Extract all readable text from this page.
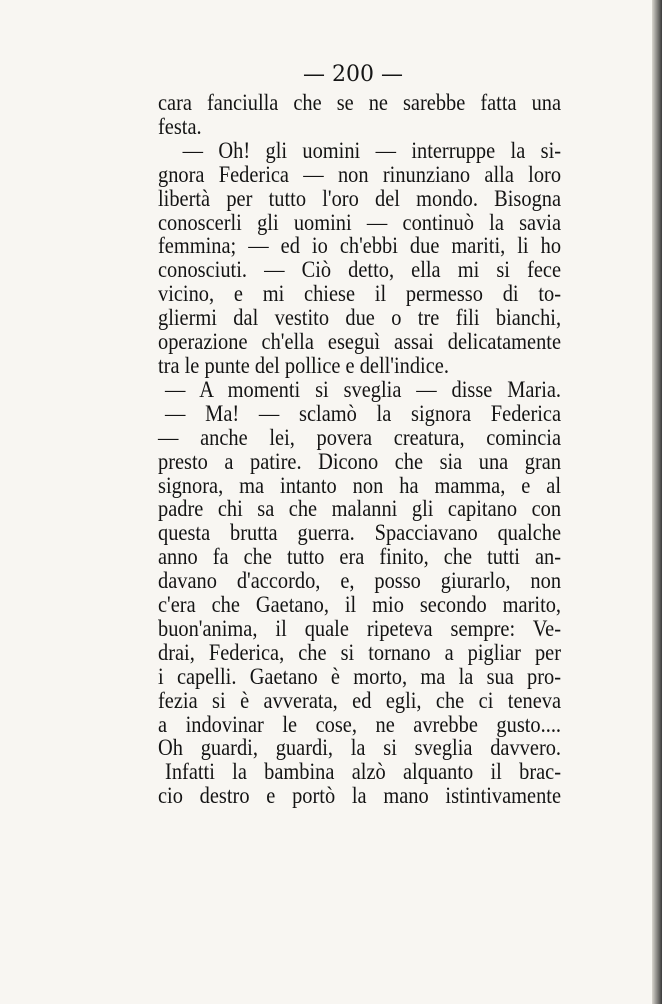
— 200 —
cara fanciulla che se ne sarebbe fatta una
festa.
— Oh! gli uomini — interruppe la si-
gnora Federica — non rinunziano alla loro
libertà per tutto l'oro del mondo. Bisogna
conoscerli gli uomini — continuò la savia
femmina; — ed io ch'ebbi due mariti, li ho
conosciuti. — Ciò detto, ella mi si fece
vicino, e mi chiese il permesso di to-
gliermi dal vestito due o tre fili bianchi,
operazione ch'ella eseguì assai delicatamente
tra le punte del pollice e dell'indice.
— A momenti si sveglia — disse Maria.
— Ma! — sclamò la signora Federica
— anche lei, povera creatura, comincia
presto a patire. Dicono che sia una gran
signora, ma intanto non ha mamma, e al
padre chi sa che malanni gli capitano con
questa brutta guerra. Spacciavano qualche
anno fa che tutto era finito, che tutti an-
davano d'accordo, e, posso giurarlo, non
c'era che Gaetano, il mio secondo marito,
buon'anima, il quale ripeteva sempre: Ve-
drai, Federica, che si tornano a pigliar per
i capelli. Gaetano è morto, ma la sua pro-
fezia si è avverata, ed egli, che ci teneva
a indovinar le cose, ne avrebbe gusto....
Oh guardi, guardi, la si sveglia davvero.
Infatti la bambina alzò alquanto il brac-
cio destro e portò la mano istintivamente
